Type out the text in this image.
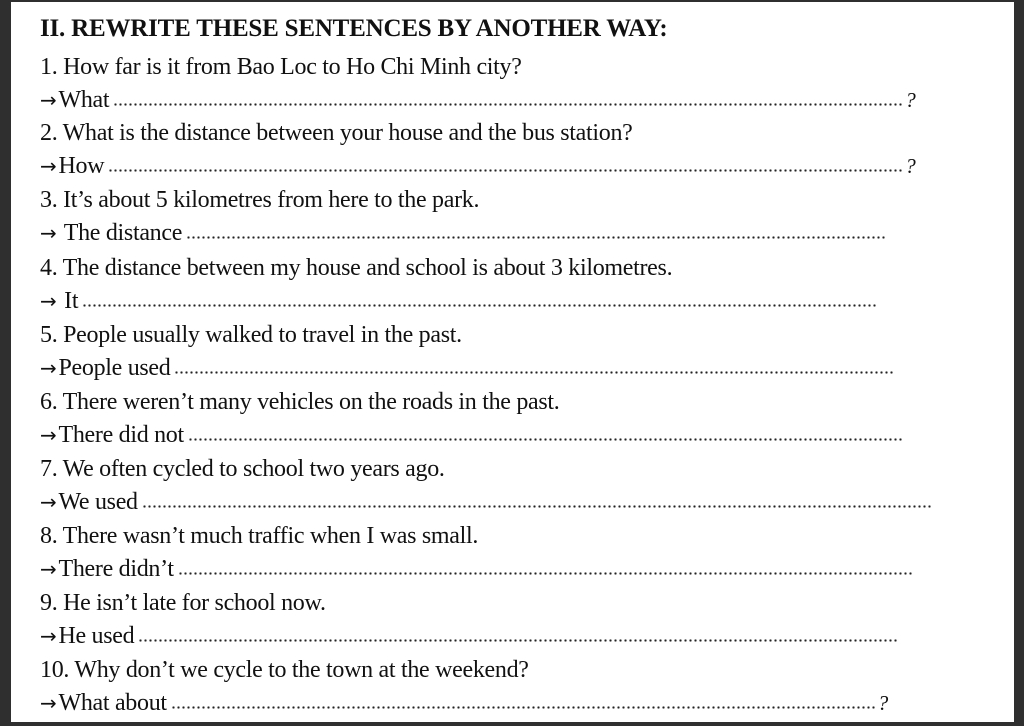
II. REWRITE THESE SENTENCES BY ANOTHER WAY:
1. How far is it from Bao Loc to Ho Chi Minh city?
→ What	?
2. What is the distance between your house and the bus station?
→ How	?
3. It’s about 5 kilometres from here to the park.
→ The distance
4. The distance between my house and school is about 3 kilometres.
→ It
5. People usually walked to travel in the past.
→ People used
6. There weren’t many vehicles on the roads in the past.
→ There did not
7. We often cycled to school two years ago.
→ We used
8. There wasn’t much traffic when I was small.
→ There didn’t
9. He isn’t late for school now.
→ He used
10. Why don’t we cycle to the town at the weekend?
→ What about	?
